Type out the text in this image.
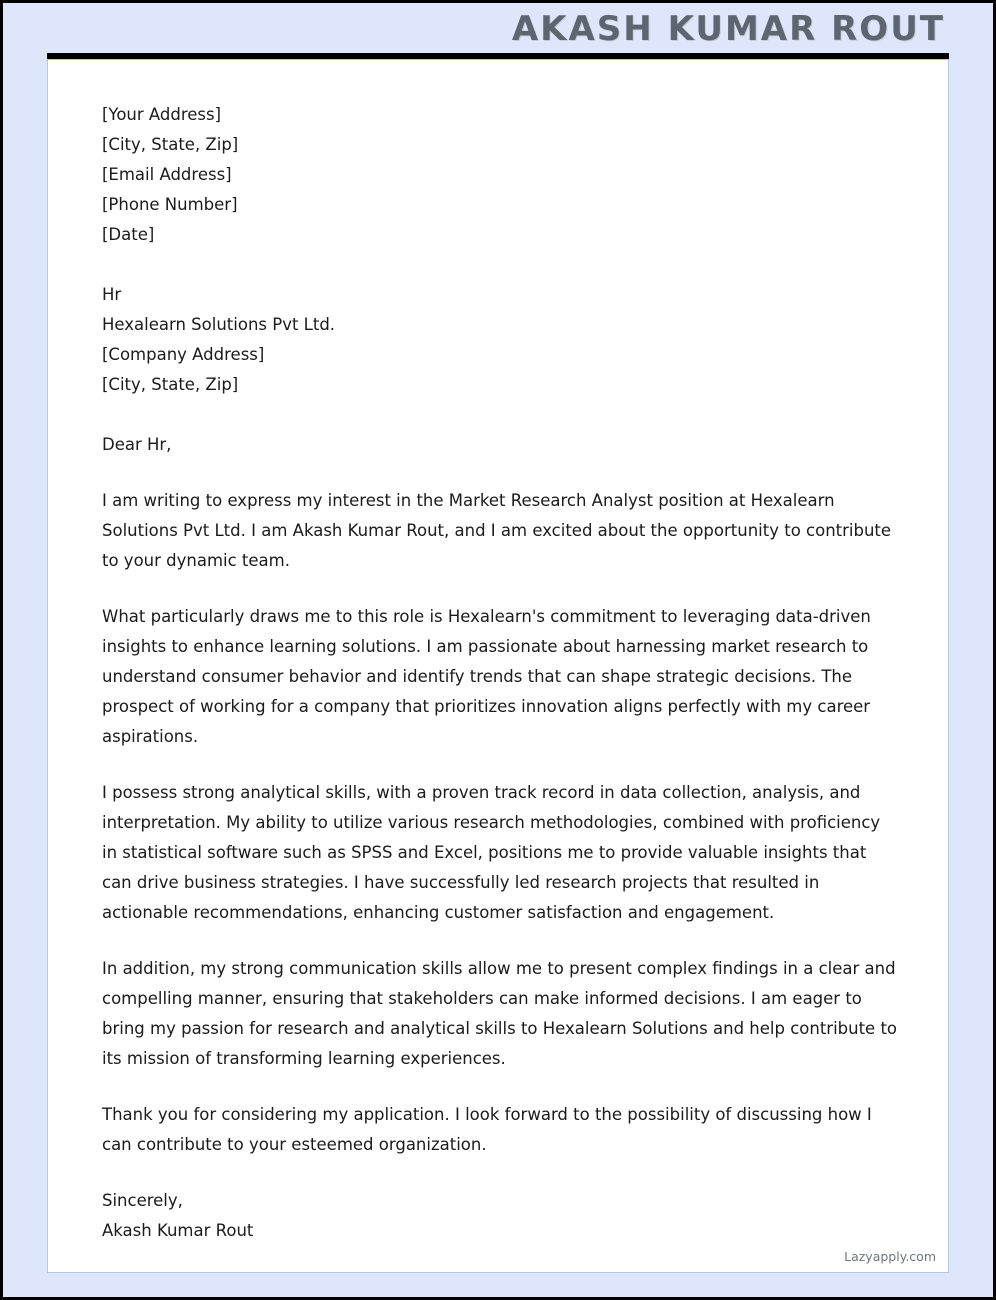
AKASH KUMAR ROUT

[Your Address]

[City, State, Zip]

[Email Address]

[Phone Number]

[Date]

Hr

Hexalearn Solutions Pvt Ltd.

[Company Address]

[City, State, Zip]

Dear Hr,

I am writing to express my interest in the Market Research Analyst position at Hexalearn Solutions Pvt Ltd. I am Akash Kumar Rout, and I am excited about the opportunity to contribute to your dynamic team.
What particularly draws me to this role is Hexalearn's commitment to leveraging data-driven insights to enhance learning solutions. I am passionate about harnessing market research to understand consumer behavior and identify trends that can shape strategic decisions. The prospect of working for a company that prioritizes innovation aligns perfectly with my career aspirations.
I possess strong analytical skills, with a proven track record in data collection, analysis, and interpretation. My ability to utilize various research methodologies, combined with proficiency in statistical software such as SPSS and Excel, positions me to provide valuable insights that can drive business strategies. I have successfully led research projects that resulted in actionable recommendations, enhancing customer satisfaction and engagement.
In addition, my strong communication skills allow me to present complex findings in a clear and compelling manner, ensuring that stakeholders can make informed decisions. I am eager to bring my passion for research and analytical skills to Hexalearn Solutions and help contribute to its mission of transforming learning experiences.
Thank you for considering my application. I look forward to the possibility of discussing how I can contribute to your esteemed organization.

Sincerely,

Akash Kumar Rout

Lazyapply.com
